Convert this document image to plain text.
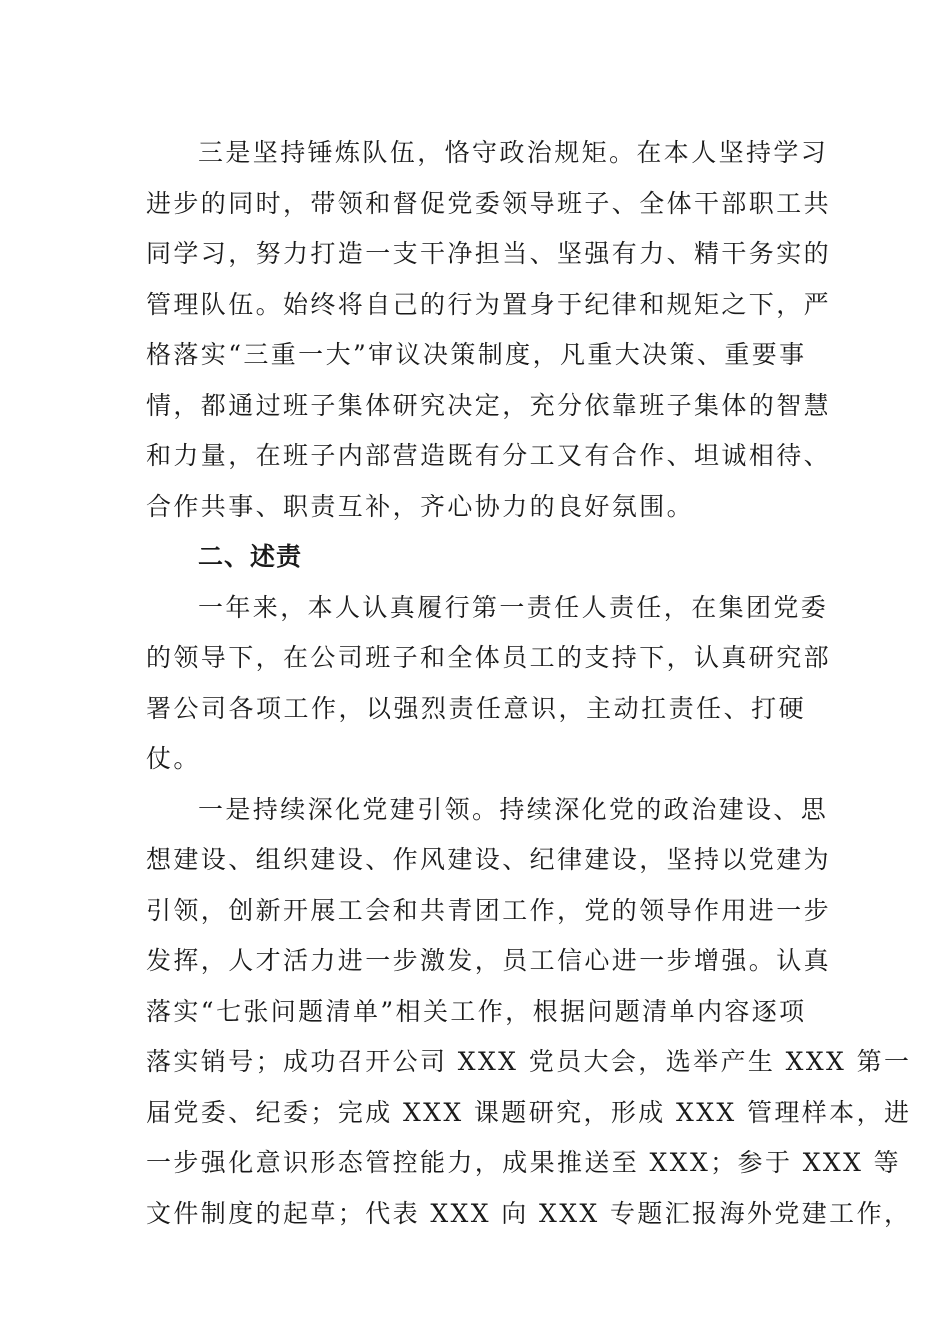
三是坚持锤炼队伍，恪守政治规矩。在本人坚持学习
进步的同时，带领和督促党委领导班子、全体干部职工共
同学习，努力打造一支干净担当、坚强有力、精干务实的
管理队伍。始终将自己的行为置身于纪律和规矩之下，严
格落实“三重一大”审议决策制度，凡重大决策、重要事
情，都通过班子集体研究决定，充分依靠班子集体的智慧
和力量，在班子内部营造既有分工又有合作、坦诚相待、
合作共事、职责互补，齐心协力的良好氛围。
二、述责
一年来，本人认真履行第一责任人责任，在集团党委
的领导下，在公司班子和全体员工的支持下，认真研究部
署公司各项工作，以强烈责任意识，主动扛责任、打硬
仗。
一是持续深化党建引领。持续深化党的政治建设、思
想建设、组织建设、作风建设、纪律建设，坚持以党建为
引领，创新开展工会和共青团工作，党的领导作用进一步
发挥，人才活力进一步激发，员工信心进一步增强。认真
落实“七张问题清单”相关工作，根据问题清单内容逐项
落实销号；成功召开公司 XXX 党员大会，选举产生 XXX 第一
届党委、纪委；完成 XXX 课题研究，形成 XXX 管理样本，进
一步强化意识形态管控能力，成果推送至 XXX；参于 XXX 等
文件制度的起草；代表 XXX 向 XXX 专题汇报海外党建工作，
